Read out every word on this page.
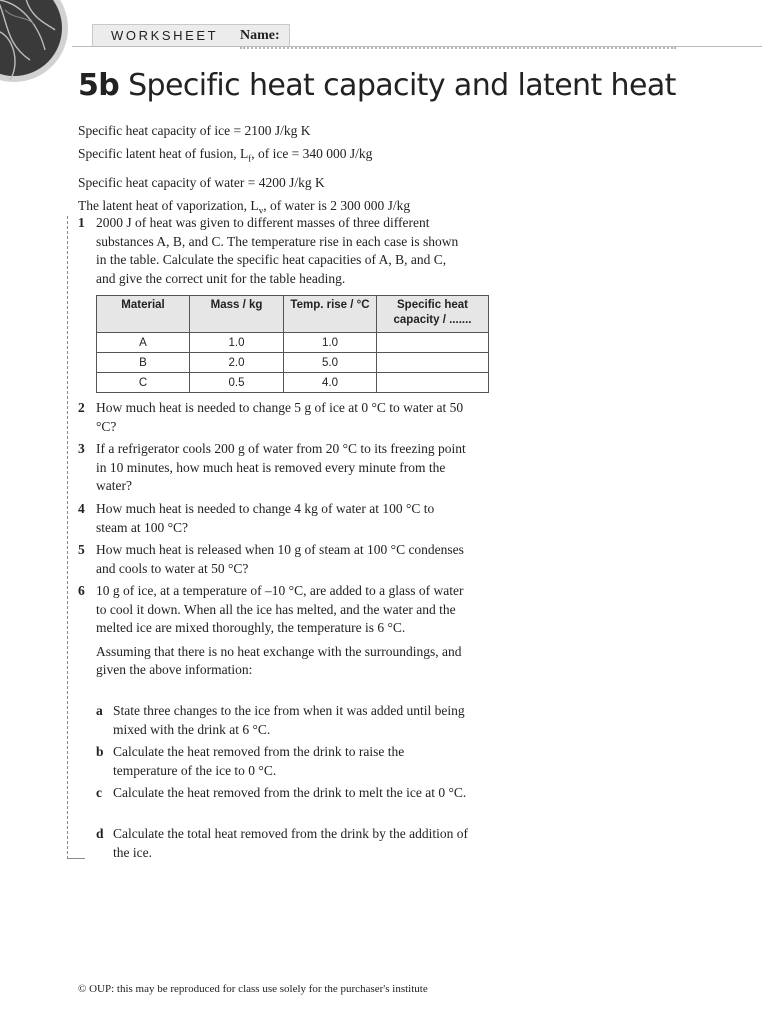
WORKSHEET	Name:
5b Specific heat capacity and latent heat
Specific heat capacity of ice = 2100 J/kg K
Specific latent heat of fusion, $L_f$, of ice = 340 000 J/kg
Specific heat capacity of water = 4200 J/kg K
The latent heat of vaporization, $L_v$, of water is 2 300 000 J/kg
1 2000 J of heat was given to different masses of three different substances A, B, and C. The temperature rise in each case is shown in the table. Calculate the specific heat capacities of A, B, and C, and give the correct unit for the table heading.
Material	Mass / kg	Temp. rise / °C	Specific heat capacity / .......
A	1.0	1.0	
B	2.0	5.0	
C	0.5	4.0	
2 How much heat is needed to change 5 g of ice at 0 °C to water at 50 °C?
3 If a refrigerator cools 200 g of water from 20 °C to its freezing point in 10 minutes, how much heat is removed every minute from the water?
4 How much heat is needed to change 4 kg of water at 100 °C to steam at 100 °C?
5 How much heat is released when 10 g of steam at 100 °C condenses and cools to water at 50 °C?
6 10 g of ice, at a temperature of –10 °C, are added to a glass of water to cool it down. When all the ice has melted, and the water and the melted ice are mixed thoroughly, the temperature is 6 °C.
Assuming that there is no heat exchange with the surroundings, and given the above information:
a State three changes to the ice from when it was added until being mixed with the drink at 6 °C.
b Calculate the heat removed from the drink to raise the temperature of the ice to 0 °C.
c Calculate the heat removed from the drink to melt the ice at 0 °C.
d Calculate the total heat removed from the drink by the addition of the ice.
© OUP: this may be reproduced for class use solely for the purchaser's institute
